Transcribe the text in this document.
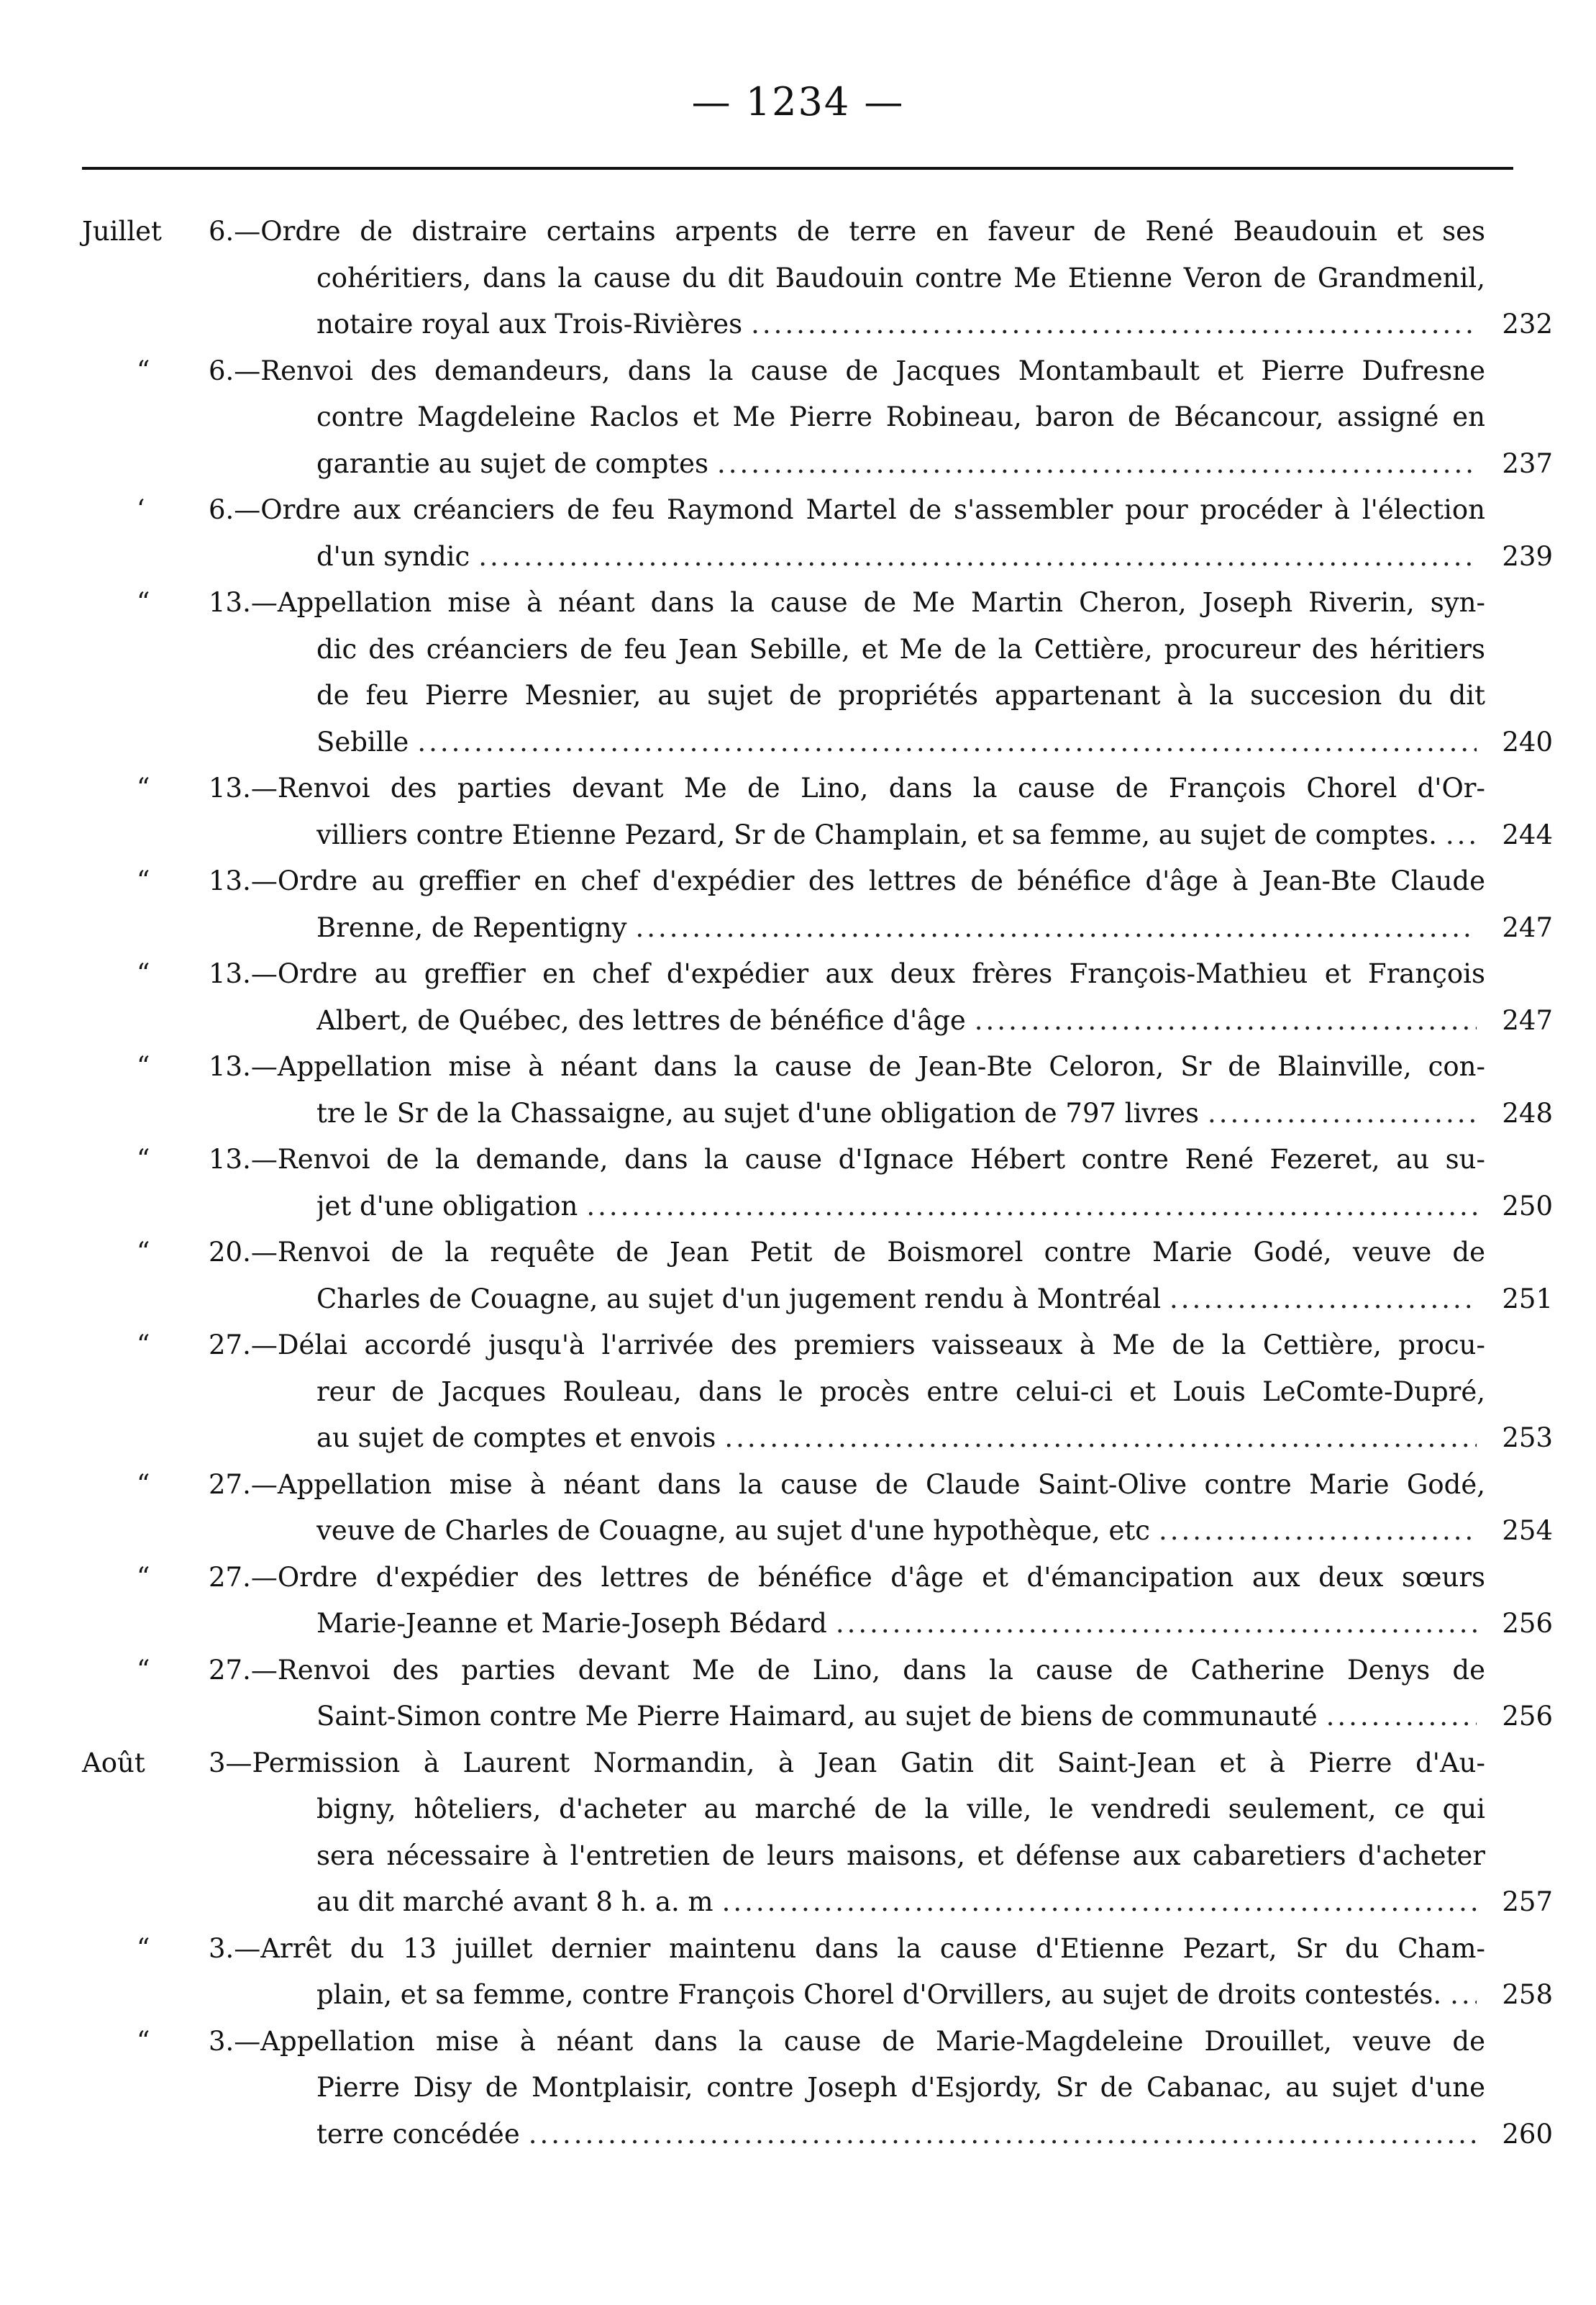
— 1234 —
Juillet 6.—Ordre de distraire certains arpents de terre en faveur de René Beaudouin et ses
cohéritiers, dans la cause du dit Baudouin contre Me Etienne Veron de Grandmenil,
notaire royal aux Trois-Rivières .....	232
“ 6.—Renvoi des demandeurs, dans la cause de Jacques Montambault et Pierre Dufresne
contre Magdeleine Raclos et Me Pierre Robineau, baron de Bécancour, assigné en
garantie au sujet de comptes .....	237
‘ 6.—Ordre aux créanciers de feu Raymond Martel de s'assembler pour procéder à l'élection
d'un syndic .....	239
“ 13.—Appellation mise à néant dans la cause de Me Martin Cheron, Joseph Riverin, syn-
dic des créanciers de feu Jean Sebille, et Me de la Cettière, procureur des héritiers
de feu Pierre Mesnier, au sujet de propriétés appartenant à la succesion du dit
Sebille .....	240
“ 13.—Renvoi des parties devant Me de Lino, dans la cause de François Chorel d'Or-
villiers contre Etienne Pezard, Sr de Champlain, et sa femme, au sujet de comptes. .....	244
“ 13.—Ordre au greffier en chef d'expédier des lettres de bénéfice d'âge à Jean-Bte Claude
Brenne, de Repentigny .....	247
“ 13.—Ordre au greffier en chef d'expédier aux deux frères François-Mathieu et François
Albert, de Québec, des lettres de bénéfice d'âge .....	247
“ 13.—Appellation mise à néant dans la cause de Jean-Bte Celoron, Sr de Blainville, con-
tre le Sr de la Chassaigne, au sujet d'une obligation de 797 livres .....	248
“ 13.—Renvoi de la demande, dans la cause d'Ignace Hébert contre René Fezeret, au su-
jet d'une obligation .....	250
“ 20.—Renvoi de la requête de Jean Petit de Boismorel contre Marie Godé, veuve de
Charles de Couagne, au sujet d'un jugement rendu à Montréal .....	251
“ 27.—Délai accordé jusqu'à l'arrivée des premiers vaisseaux à Me de la Cettière, procu-
reur de Jacques Rouleau, dans le procès entre celui-ci et Louis LeComte-Dupré,
au sujet de comptes et envois .....	253
“ 27.—Appellation mise à néant dans la cause de Claude Saint-Olive contre Marie Godé,
veuve de Charles de Couagne, au sujet d'une hypothèque, etc .....	254
“ 27.—Ordre d'expédier des lettres de bénéfice d'âge et d'émancipation aux deux sœurs
Marie-Jeanne et Marie-Joseph Bédard .....	256
“ 27.—Renvoi des parties devant Me de Lino, dans la cause de Catherine Denys de
Saint-Simon contre Me Pierre Haimard, au sujet de biens de communauté .....	256
Août 3—Permission à Laurent Normandin, à Jean Gatin dit Saint-Jean et à Pierre d'Au-
bigny, hôteliers, d'acheter au marché de la ville, le vendredi seulement, ce qui
sera nécessaire à l'entretien de leurs maisons, et défense aux cabaretiers d'acheter
au dit marché avant 8 h. a. m .....	257
“ 3.—Arrêt du 13 juillet dernier maintenu dans la cause d'Etienne Pezart, Sr du Cham-
plain, et sa femme, contre François Chorel d'Orvillers, au sujet de droits contestés. .....	258
“ 3.—Appellation mise à néant dans la cause de Marie-Magdeleine Drouillet, veuve de
Pierre Disy de Montplaisir, contre Joseph d'Esjordy, Sr de Cabanac, au sujet d'une
terre concédée .....	260
